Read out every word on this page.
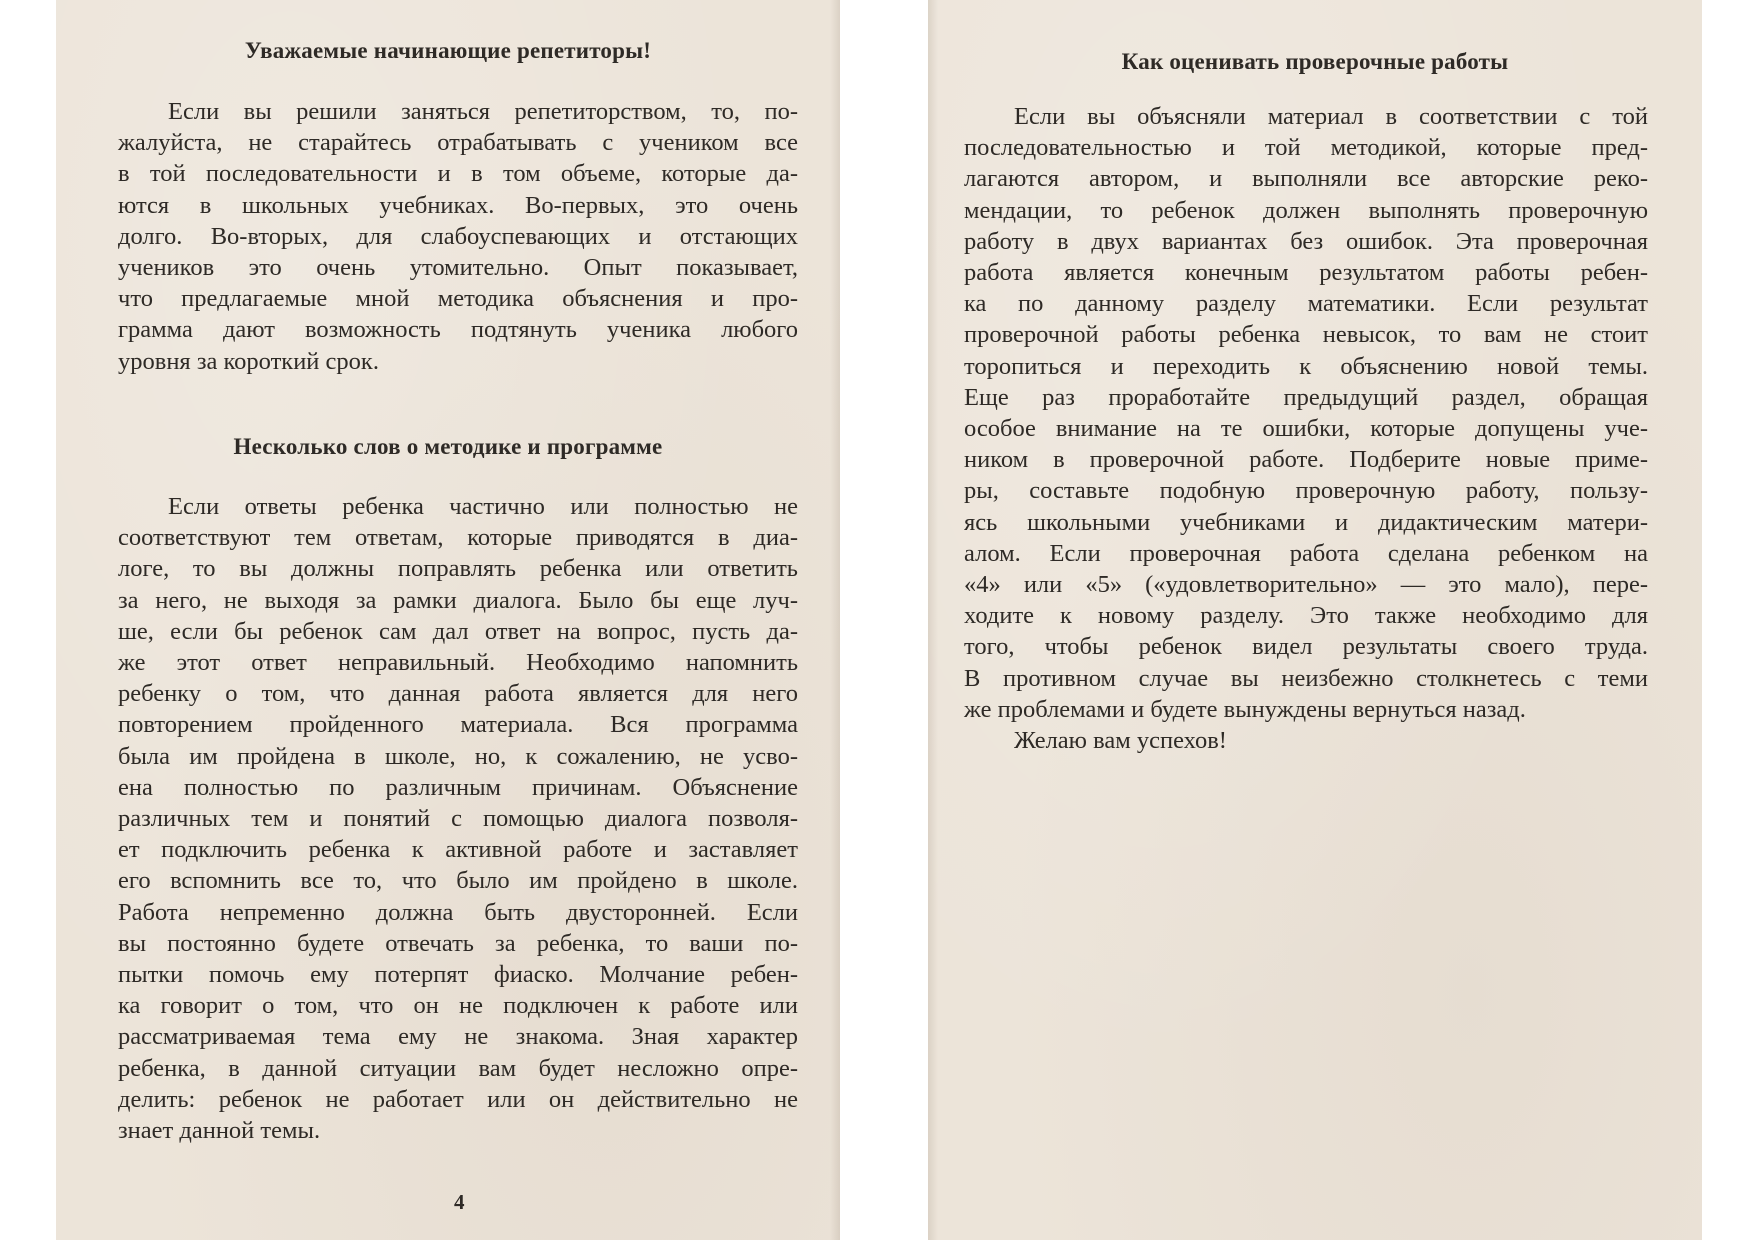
Уважаемые начинающие репетиторы!
Если вы решили заняться репетиторством, то, по-
жалуйста, не старайтесь отрабатывать с учеником все
в той последовательности и в том объеме, которые да-
ются в школьных учебниках. Во-первых, это очень
долго. Во-вторых, для слабоуспевающих и отстающих
учеников это очень утомительно. Опыт показывает,
что предлагаемые мной методика объяснения и про-
грамма дают возможность подтянуть ученика любого
уровня за короткий срок.
Несколько слов о методике и программе
Если ответы ребенка частично или полностью не
соответствуют тем ответам, которые приводятся в диа-
логе, то вы должны поправлять ребенка или ответить
за него, не выходя за рамки диалога. Было бы еще луч-
ше, если бы ребенок сам дал ответ на вопрос, пусть да-
же этот ответ неправильный. Необходимо напомнить
ребенку о том, что данная работа является для него
повторением пройденного материала. Вся программа
была им пройдена в школе, но, к сожалению, не усво-
ена полностью по различным причинам. Объяснение
различных тем и понятий с помощью диалога позволя-
ет подключить ребенка к активной работе и заставляет
его вспомнить все то, что было им пройдено в школе.
Работа непременно должна быть двусторонней. Если
вы постоянно будете отвечать за ребенка, то ваши по-
пытки помочь ему потерпят фиаско. Молчание ребен-
ка говорит о том, что он не подключен к работе или
рассматриваемая тема ему не знакома. Зная характер
ребенка, в данной ситуации вам будет несложно опре-
делить: ребенок не работает или он действительно не
знает данной темы.
4
Как оценивать проверочные работы
Если вы объясняли материал в соответствии с той
последовательностью и той методикой, которые пред-
лагаются автором, и выполняли все авторские реко-
мендации, то ребенок должен выполнять проверочную
работу в двух вариантах без ошибок. Эта проверочная
работа является конечным результатом работы ребен-
ка по данному разделу математики. Если результат
проверочной работы ребенка невысок, то вам не стоит
торопиться и переходить к объяснению новой темы.
Еще раз проработайте предыдущий раздел, обращая
особое внимание на те ошибки, которые допущены уче-
ником в проверочной работе. Подберите новые приме-
ры, составьте подобную проверочную работу, пользу-
ясь школьными учебниками и дидактическим матери-
алом. Если проверочная работа сделана ребенком на
«4» или «5» («удовлетворительно» — это мало), пере-
ходите к новому разделу. Это также необходимо для
того, чтобы ребенок видел результаты своего труда.
В противном случае вы неизбежно столкнетесь с теми
же проблемами и будете вынуждены вернуться назад.
Желаю вам успехов!
